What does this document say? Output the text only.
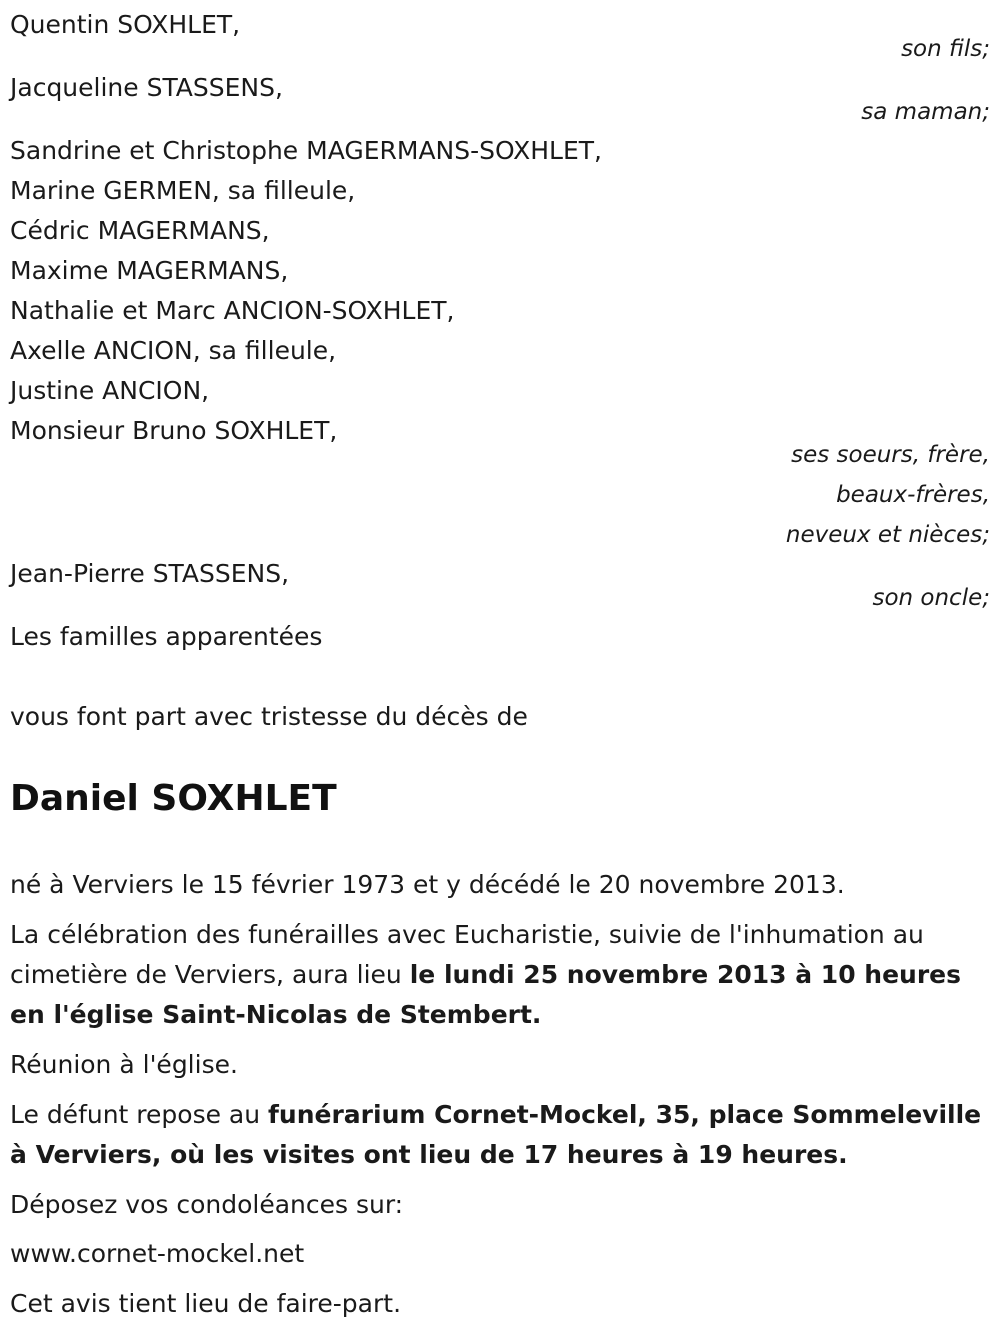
Quentin SOXHLET,
son fils;
Jacqueline STASSENS,
sa maman;
Sandrine et Christophe MAGERMANS-SOXHLET,
Marine GERMEN, sa filleule,
Cédric MAGERMANS,
Maxime MAGERMANS,
Nathalie et Marc ANCION-SOXHLET,
Axelle ANCION, sa filleule,
Justine ANCION,
Monsieur Bruno SOXHLET,
ses soeurs, frère,
beaux-frères,
neveux et nièces;
Jean-Pierre STASSENS,
son oncle;
Les familles apparentées
vous font part avec tristesse du décès de
Daniel SOXHLET
né à Verviers le 15 février 1973 et y décédé le 20 novembre 2013.
La célébration des funérailles avec Eucharistie, suivie de l'inhumation au cimetière de Verviers, aura lieu le lundi 25 novembre 2013 à 10 heures en l'église Saint-Nicolas de Stembert.
Réunion à l'église.
Le défunt repose au funérarium Cornet-Mockel, 35, place Sommeleville à Verviers, où les visites ont lieu de 17 heures à 19 heures.
Déposez vos condoléances sur:
www.cornet-mockel.net
Cet avis tient lieu de faire-part.
